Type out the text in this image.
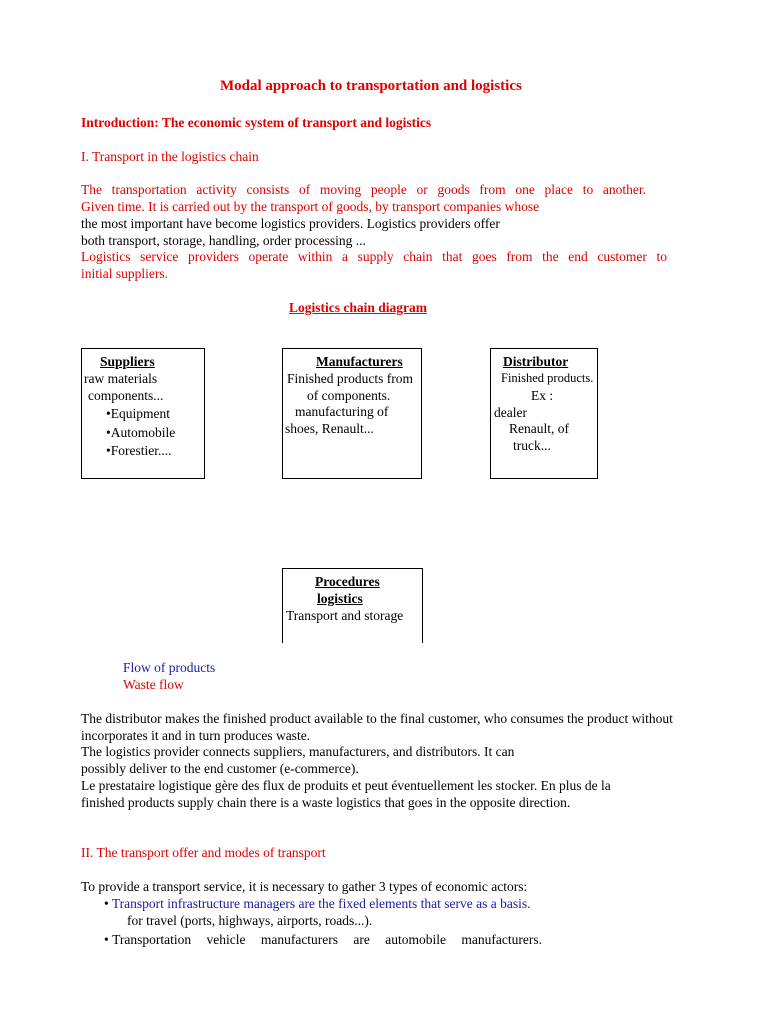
Modal approach to transportation and logistics
Introduction: The economic system of transport and logistics
I. Transport in the logistics chain
The transportation activity consists of moving people or goods from one place to another.
Given time. It is carried out by the transport of goods, by transport companies whose
the most important have become logistics providers. Logistics providers offer
both transport, storage, handling, order processing ...
Logistics service providers operate within a supply chain that goes from the end customer to
initial suppliers.
Logistics chain diagram
Suppliers
raw materials
components...
•Equipment
•Automobile
•Forestier....
Manufacturers
Finished products from
of components.
manufacturing of
shoes, Renault...
Distributor
Finished products.
Ex :
dealer
Renault, of
truck...
Procedures
logistics
Transport and storage
Flow of products
Waste flow
The distributor makes the finished product available to the final customer, who consumes the product without
incorporates it and in turn produces waste.
The logistics provider connects suppliers, manufacturers, and distributors. It can
possibly deliver to the end customer (e-commerce).
Le prestataire logistique gère des flux de produits et peut éventuellement les stocker. En plus de la
finished products supply chain there is a waste logistics that goes in the opposite direction.
II. The transport offer and modes of transport
To provide a transport service, it is necessary to gather 3 types of economic actors:
• Transport infrastructure managers are the fixed elements that serve as a basis.
for travel (ports, highways, airports, roads...).
• Transportation vehicle manufacturers are automobile manufacturers.
